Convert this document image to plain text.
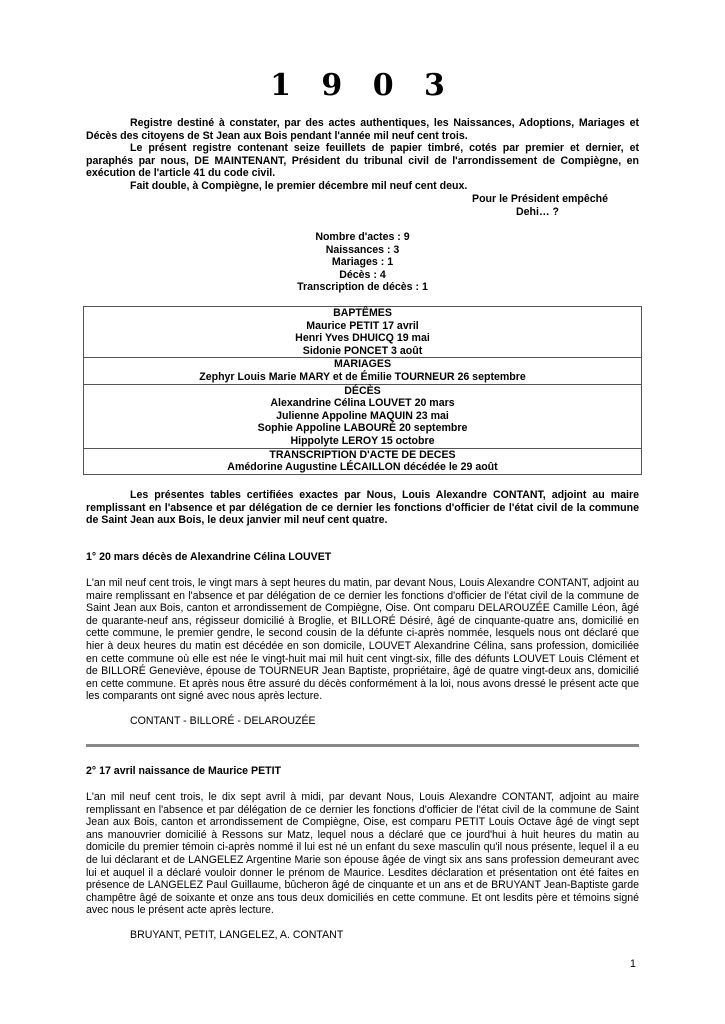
1 9 0 3

Registre destiné à constater, par des actes authentiques, les Naissances, Adoptions, Mariages et Décès des citoyens de St Jean aux Bois pendant l'année mil neuf cent trois.

Le présent registre contenant seize feuillets de papier timbré, cotés par premier et dernier, et paraphés par nous, DE MAINTENANT, Président du tribunal civil de l'arrondissement de Compiègne, en exécution de l'article 41 du code civil.

Fait double, à Compiègne, le premier décembre mil neuf cent deux.

Pour le Président empêché
Dehi… ?
Nombre d'actes : 9
Naissances : 3
Mariages : 1
Décès : 4
Transcription de décès : 1
BAPTÊMES
Maurice PETIT 17 avril
Henri Yves DHUICQ 19 mai
Sidonie PONCET 3 août

MARIAGES
Zephyr Louis Marie MARY et de Émilie TOURNEUR 26 septembre

DÉCÈS
Alexandrine Célina LOUVET 20 mars
Julienne Appoline MAQUIN 23 mai
Sophie Appoline LABOURÉ 20 septembre
Hippolyte LEROY 15 octobre

TRANSCRIPTION D'ACTE DE DECES
Amédorine Augustine LÉCAILLON décédée le 29 août

Les présentes tables certifiées exactes par Nous, Louis Alexandre CONTANT, adjoint au maire remplissant en l'absence et par délégation de ce dernier les fonctions d'officier de l'état civil de la commune de Saint Jean aux Bois, le deux janvier mil neuf cent quatre.

1° 20 mars décès de Alexandrine Célina LOUVET

L'an mil neuf cent trois, le vingt mars à sept heures du matin, par devant Nous, Louis Alexandre CONTANT, adjoint au maire remplissant en l'absence et par délégation de ce dernier les fonctions d'officier de l'état civil de la commune de Saint Jean aux Bois, canton et arrondissement de Compiègne, Oise. Ont comparu DELAROUZÉE Camille Léon, âgé de quarante-neuf ans, régisseur domicilié à Broglie, et BILLORÉ Désiré, âgé de cinquante-quatre ans, domicilié en cette commune, le premier gendre, le second cousin de la défunte ci-après nommée, lesquels nous ont déclaré que hier à deux heures du matin est décédée en son domicile, LOUVET Alexandrine Célina, sans profession, domiciliée en cette commune où elle est née le vingt-huit mai mil huit cent vingt-six, fille des défunts LOUVET Louis Clément et de BILLORÉ Geneviève, épouse de TOURNEUR Jean Baptiste, propriétaire, âgé de quatre vingt-deux ans, domicilié en cette commune. Et après nous être assuré du décès conformément à la loi, nous avons dressé le présent acte que les comparants ont signé avec nous après lecture.

CONTANT - BILLORÉ - DELAROUZÉE
2° 17 avril naissance de Maurice PETIT

L'an mil neuf cent trois, le dix sept avril à midi, par devant Nous, Louis Alexandre CONTANT, adjoint au maire remplissant en l'absence et par délégation de ce dernier les fonctions d'officier de l'état civil de la commune de Saint Jean aux Bois, canton et arrondissement de Compiègne, Oise, est comparu PETIT Louis Octave âgé de vingt sept ans manouvrier domicilié à Ressons sur Matz, lequel nous a déclaré que ce jourd'hui à huit heures du matin au domicile du premier témoin ci-après nommé il lui est né un enfant du sexe masculin qu'il nous présente, lequel il a eu de lui déclarant et de LANGELEZ Argentine Marie son épouse âgée de vingt six ans sans profession demeurant avec lui et auquel il a déclaré vouloir donner le prénom de Maurice. Lesdites déclaration et présentation ont été faites en présence de LANGELEZ Paul Guillaume, bûcheron âgé de cinquante et un ans et de BRUYANT Jean-Baptiste garde champêtre âgé de soixante et onze ans tous deux domiciliés en cette commune. Et ont lesdits père et témoins signé avec nous le présent acte après lecture.

BRUYANT, PETIT, LANGELEZ, A. CONTANT
1
